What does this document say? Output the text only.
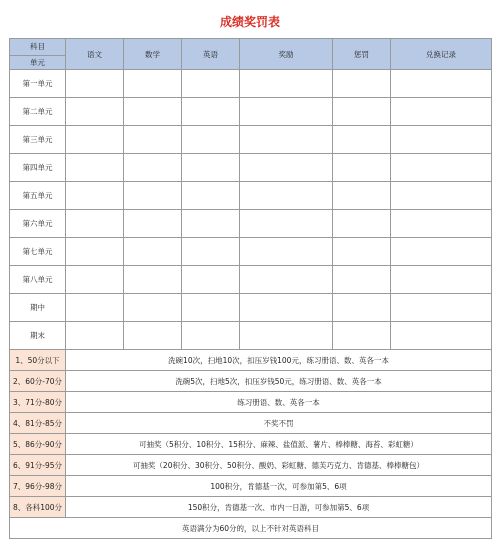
成绩奖罚表
科目
单元	语文	数学	英语	奖励	惩罚	兑换记录
第一单元						
第二单元						
第三单元						
第四单元						
第五单元						
第六单元						
第七单元						
第八单元						
期中						
期末						
1、50分以下	洗碗10次，扫地10次，扣压岁钱100元，练习册语、数、英各一本					
2、60分-70分	洗碗5次，扫地5次，扣压岁钱50元，练习册语、数、英各一本					
3、71分-80分	练习册语、数、英各一本					
4、81分-85分	不奖不罚					
5、86分-90分	可抽奖（5积分、10积分、15积分、麻辣、盐值派、薯片、棒棒糖、海苔、彩虹糖）					
6、91分-95分	可抽奖（20积分、30积分、50积分、酸奶、彩虹糖、德芙巧克力、肯德基、棒棒糖包）					
7、96分-98分	100积分，肯德基一次，可参加第5、6项					
8、各科100分	150积分，肯德基一次、市内一日游，可参加第5、6项					
英语满分为60分的，以上不针对英语科目						
